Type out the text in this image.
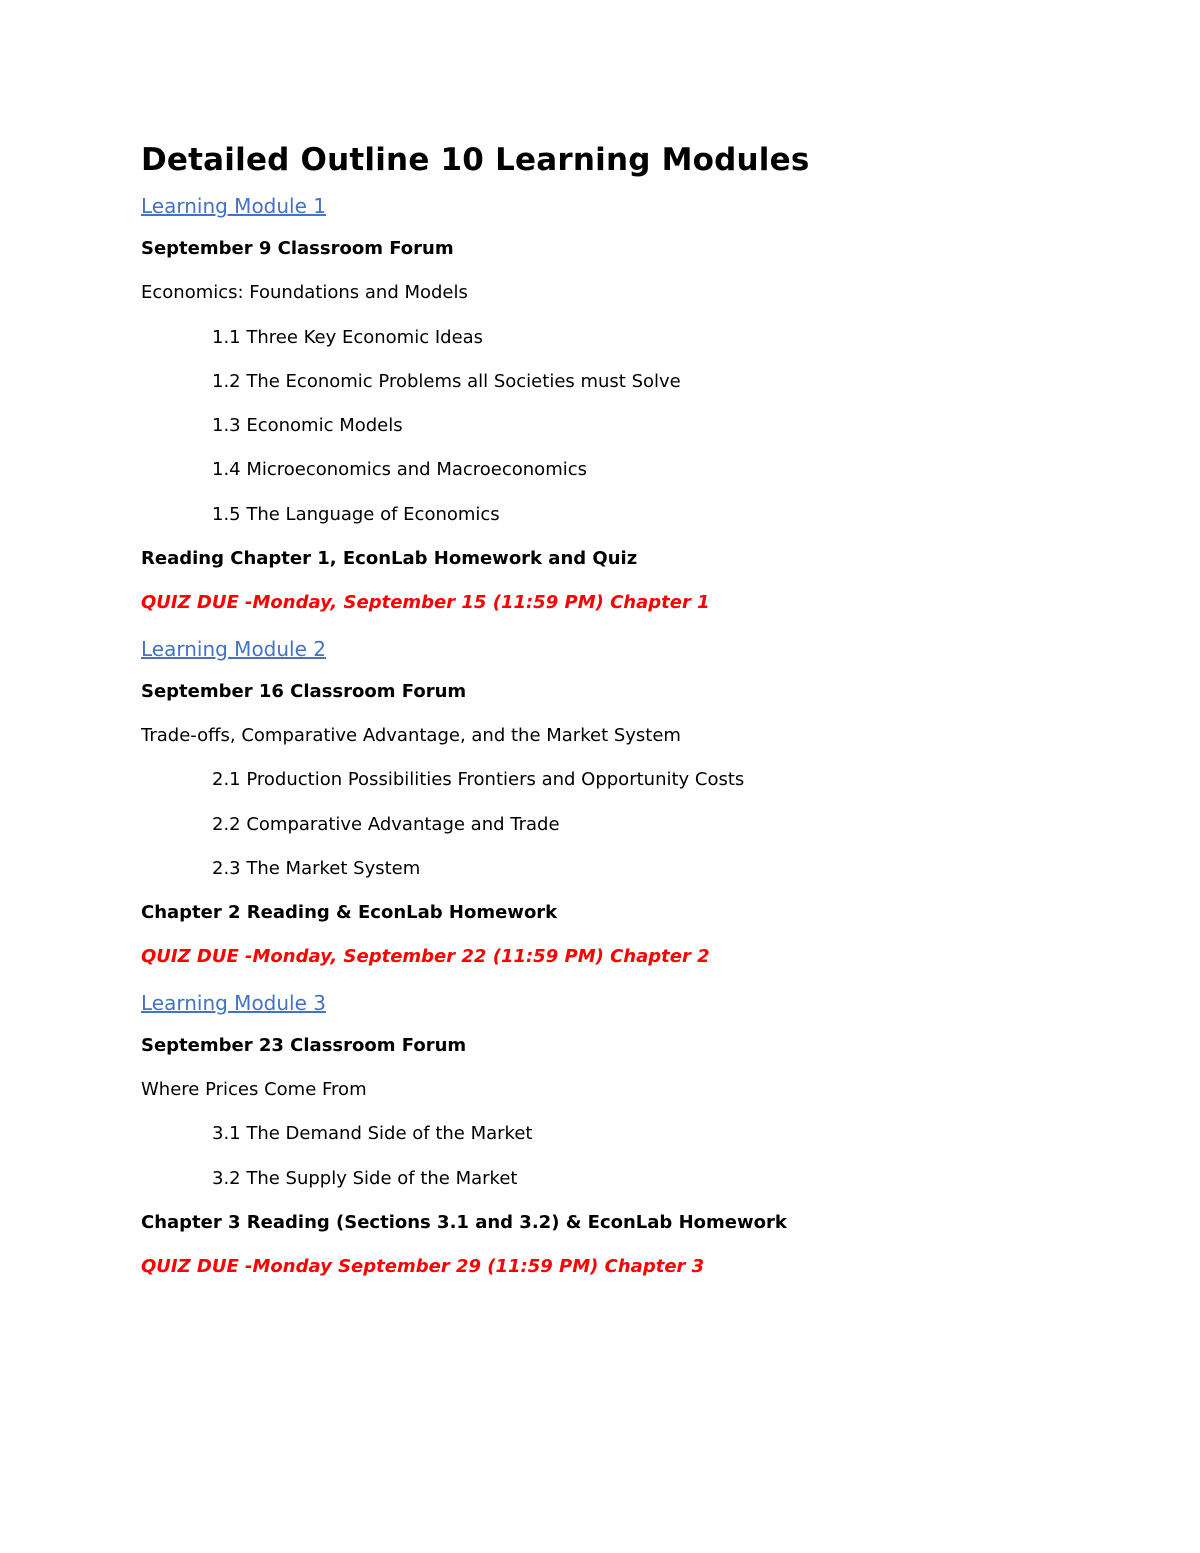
Detailed Outline 10 Learning Modules
Learning Module 1
September 9 Classroom Forum
Economics: Foundations and Models
1.1 Three Key Economic Ideas
1.2 The Economic Problems all Societies must Solve
1.3 Economic Models
1.4 Microeconomics and Macroeconomics
1.5 The Language of Economics
Reading Chapter 1, EconLab Homework and Quiz
QUIZ DUE -Monday, September 15 (11:59 PM) Chapter 1
Learning Module 2
September 16 Classroom Forum
Trade-offs, Comparative Advantage, and the Market System
2.1 Production Possibilities Frontiers and Opportunity Costs
2.2 Comparative Advantage and Trade
2.3 The Market System
Chapter 2 Reading & EconLab Homework
QUIZ DUE -Monday, September 22 (11:59 PM) Chapter 2
Learning Module 3
September 23 Classroom Forum
Where Prices Come From
3.1 The Demand Side of the Market
3.2 The Supply Side of the Market
Chapter 3 Reading (Sections 3.1 and 3.2) & EconLab Homework
QUIZ DUE -Monday September 29 (11:59 PM) Chapter 3
